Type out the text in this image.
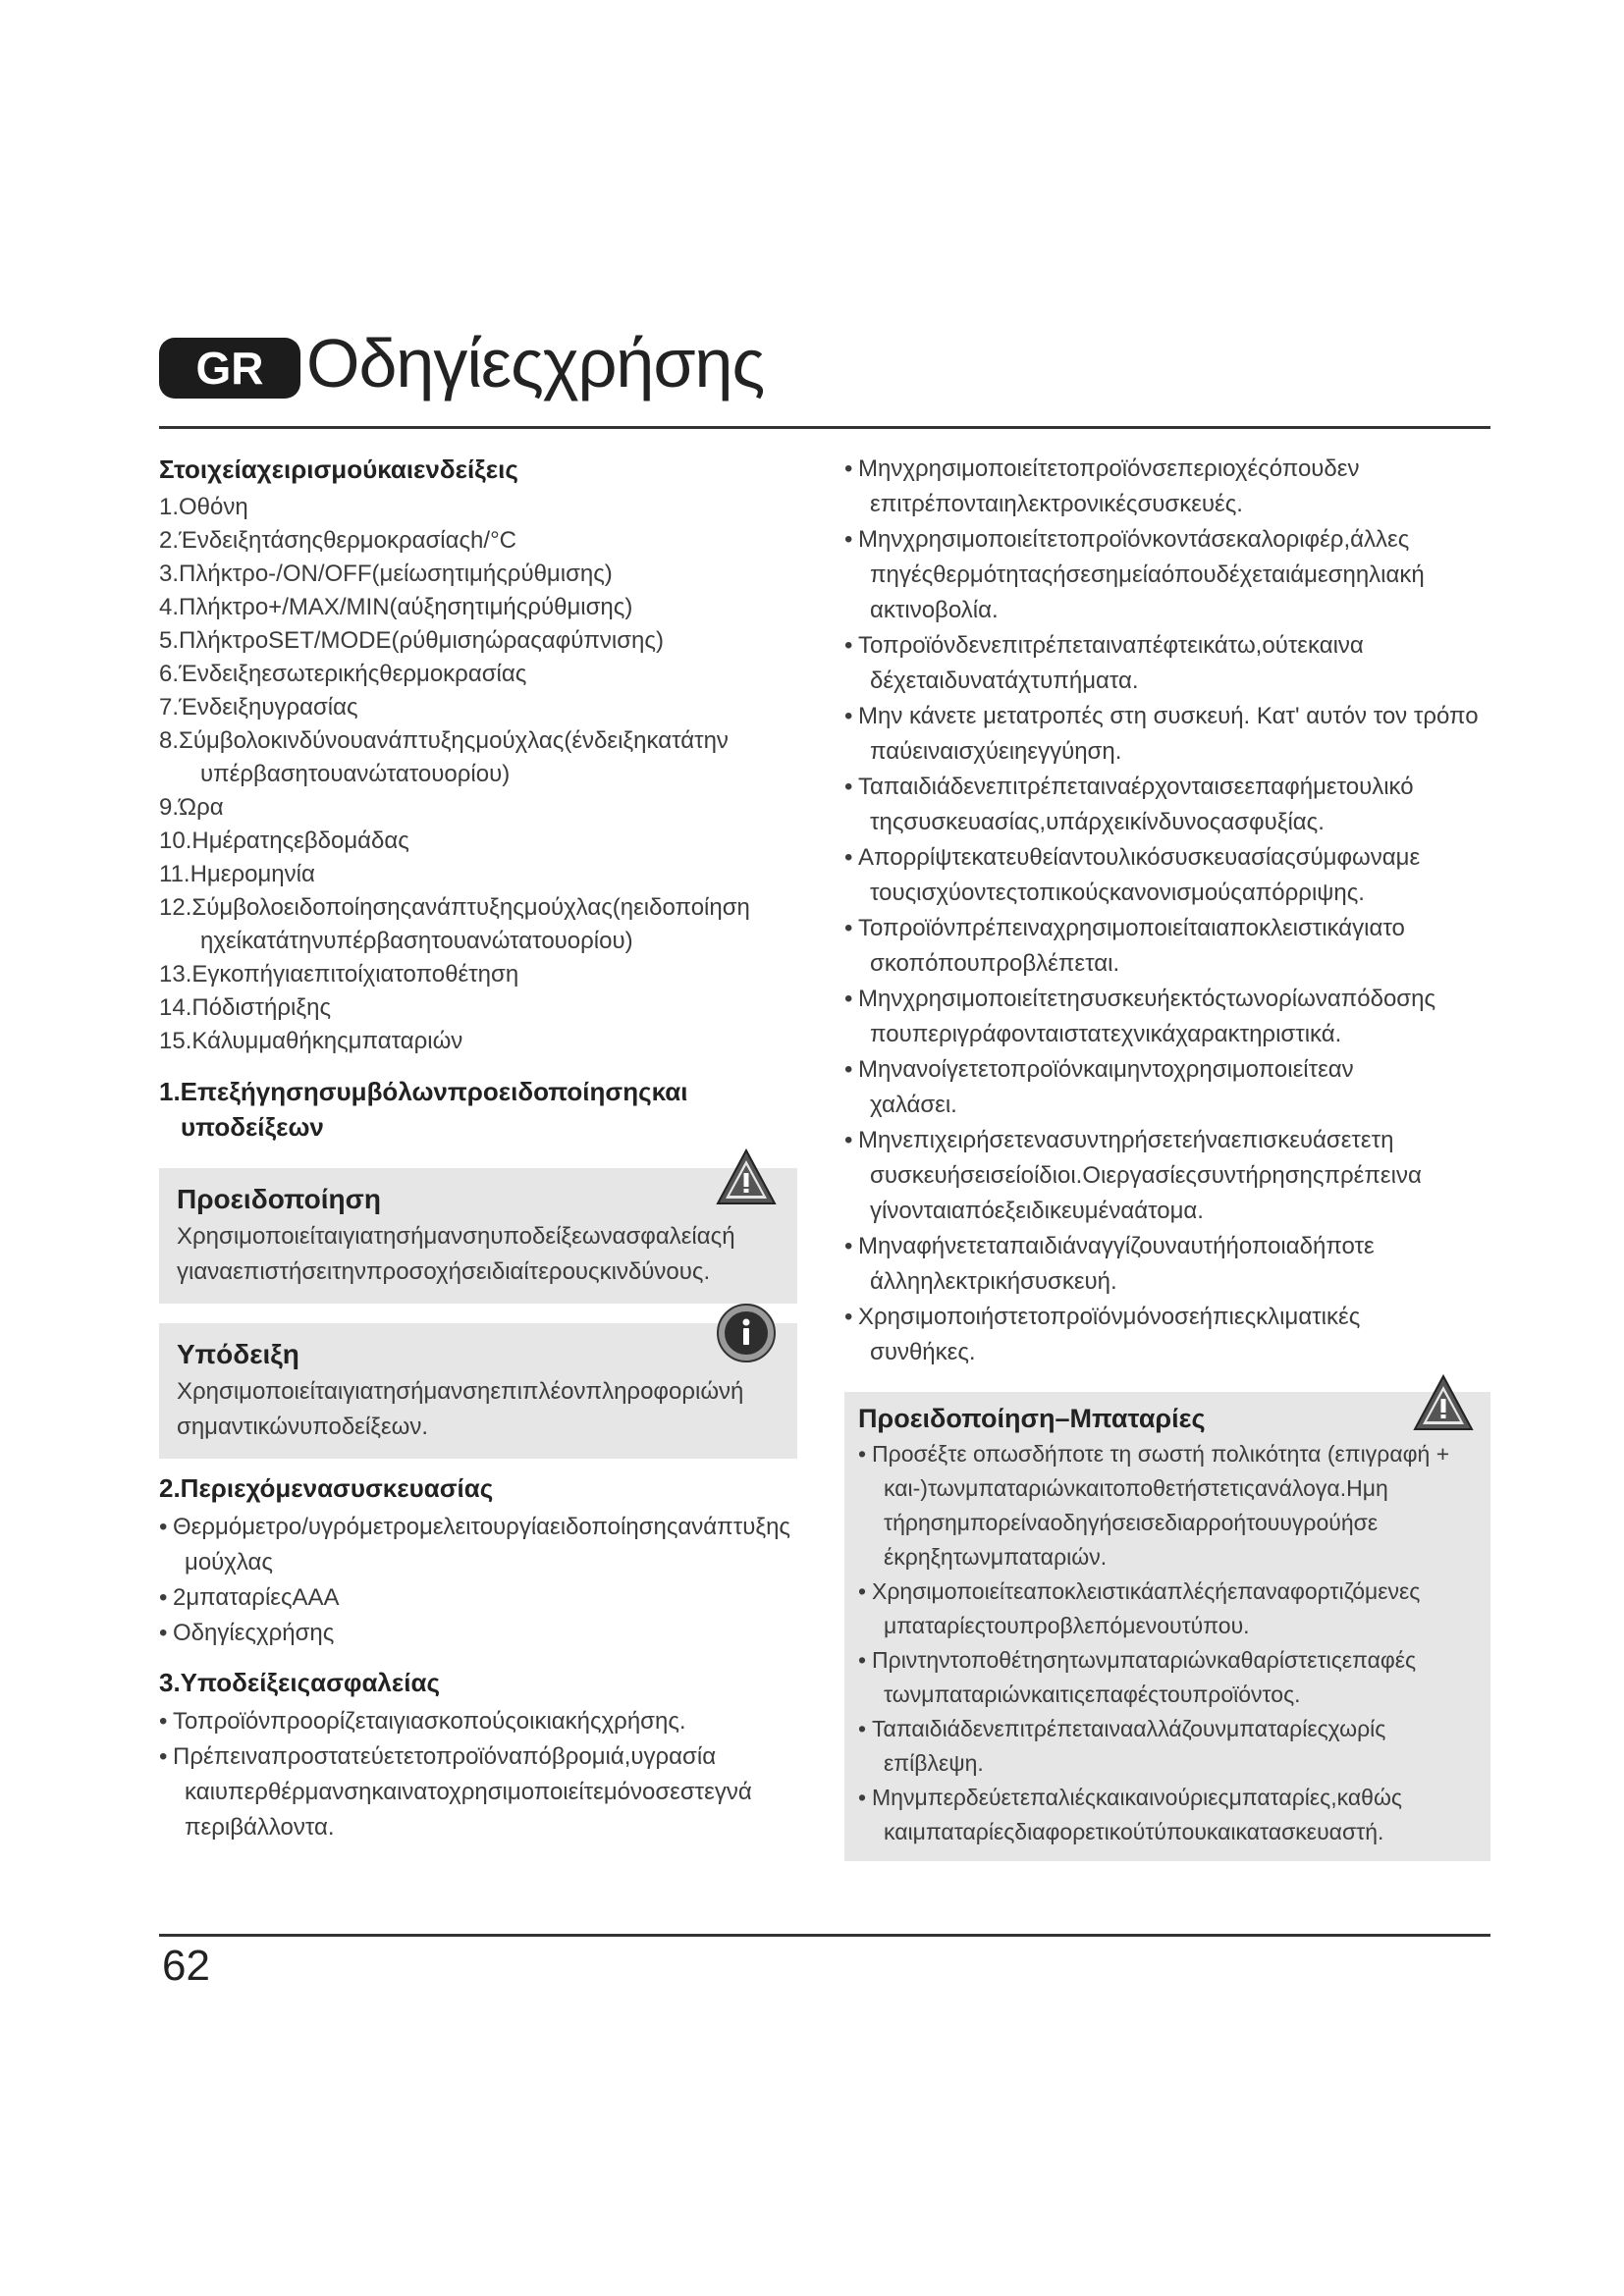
GR Οδηγίεςχρήσης
Στοιχείαχειρισμούκαιενδείξεις
1.Οθόνη
2.Ένδειξητάσηςθερμοκρασίαςh/°C
3.Πλήκτρο-/ON/OFF(μείωσητιμήςρύθμισης)
4.Πλήκτρο+/MAX/MIN(αύξησητιμήςρύθμισης)
5.ΠλήκτροSET/MODE(ρύθμισηώραςαφύπνισης)
6.Ένδειξηεσωτερικήςθερμοκρασίας
7.Ένδειξηυγρασίας
8.Σύμβολοκινδύνουανάπτυξηςμούχλας(ένδειξηκατάτην
υπέρβασητουανώτατουορίου)
9.Ώρα
10.Ημέρατηςεβδομάδας
11.Ημερομηνία
12.Σύμβολοειδοποίησηςανάπτυξηςμούχλας(ηειδοποίηση
ηχείκατάτηνυπέρβασητουανώτατουορίου)
13.Εγκοπήγιαεπιτοίχιατοποθέτηση
14.Πόδιστήριξης
15.Κάλυμμαθήκηςμπαταριών
1.Επεξήγησησυμβόλωνπροειδοποίησηςκαι
υποδείξεων
Προειδοποίηση
Χρησιμοποιείταιγιατησήμανσηυποδείξεωνασφαλείαςή
γιαναεπιστήσειτηνπροσοχήσειδιαίτερουςκινδύνους.
Υπόδειξη
Χρησιμοποιείταιγιατησήμανσηεπιπλέονπληροφοριώνή
σημαντικώνυποδείξεων.
2.Περιεχόμενασυσκευασίας
• Θερμόμετρο/υγρόμετρομελειτουργίαειδοποίησηςανάπτυξης
μούχλας
• 2μπαταρίεςAAA
• Οδηγίεςχρήσης
3.Υποδείξειςασφαλείας
• Τοπροϊόνπροορίζεταιγιασκοπούςοικιακήςχρήσης.
• Πρέπειναπροστατεύετετοπροϊόναπόβρομιά,υγρασία
καιυπερθέρμανσηκαινατοχρησιμοποιείτεμόνοσεστεγνά
περιβάλλοντα.
• Μηνχρησιμοποιείτετοπροϊόνσεπεριοχέςόπουδεν
επιτρέπονταιηλεκτρονικέςσυσκευές.
• Μηνχρησιμοποιείτετοπροϊόνκοντάσεκαλοριφέρ,άλλες
πηγέςθερμότηταςήσεσημείαόπουδέχεταιάμεσηηλιακή
ακτινοβολία.
• Τοπροϊόνδενεπιτρέπεταιναπέφτεικάτω,ούτεκαινα
δέχεταιδυνατάχτυπήματα.
• Μην κάνετε μετατροπές στη συσκευή. Κατ' αυτόν τον τρόπο
παύειναισχύειηεγγύηση.
• Ταπαιδιάδενεπιτρέπεταιναέρχονταισεεπαφήμετουλικό
τηςσυσκευασίας,υπάρχεικίνδυνοςασφυξίας.
• Απορρίψτεκατευθείαντουλικόσυσκευασίαςσύμφωναμε
τουςισχύοντεςτοπικούςκανονισμούςαπόρριψης.
• Τοπροϊόνπρέπειναχρησιμοποιείταιαποκλειστικάγιατο
σκοπόπουπροβλέπεται.
• Μηνχρησιμοποιείτετησυσκευήεκτόςτωνορίωναπόδοσης
πουπεριγράφονταιστατεχνικάχαρακτηριστικά.
• Μηνανοίγετετοπροϊόνκαιμηντοχρησιμοποιείτεαν
χαλάσει.
• Μηνεπιχειρήσετενασυντηρήσετεήναεπισκευάσετετη
συσκευήσεισείοίδιοι.Οιεργασίεςσυντήρησηςπρέπεινα
γίνονταιαπόεξειδικευμέναάτομα.
• Μηναφήνετεταπαιδιάναγγίζουναυτήήοποιαδήποτε
άλληηλεκτρικήσυσκευή.
• Χρησιμοποιήστετοπροϊόνμόνοσεήπιεςκλιματικές
συνθήκες.
Προειδοποίηση–Μπαταρίες
• Προσέξτε οπωσδήποτε τη σωστή πολικότητα (επιγραφή +
και-)τωνμπαταριώνκαιτοποθετήστετιςανάλογα.Ημη
τήρησημπορείναοδηγήσεισεδιαρροήτουυγρούήσε
έκρηξητωνμπαταριών.
• Χρησιμοποιείτεαποκλειστικάαπλέςήεπαναφορτιζόμενες
μπαταρίεςτουπροβλεπόμενουτύπου.
• Πριντηντοποθέτησητωνμπαταριώνκαθαρίστετιςεπαφές
τωνμπαταριώνκαιτιςεπαφέςτουπροϊόντος.
• Ταπαιδιάδενεπιτρέπεταινααλλάζουνμπαταρίεςχωρίς
επίβλεψη.
• Μηνμπερδεύετεπαλιέςκαικαινούριεςμπαταρίες,καθώς
καιμπαταρίεςδιαφορετικούτύπουκαικατασκευαστή.
62
